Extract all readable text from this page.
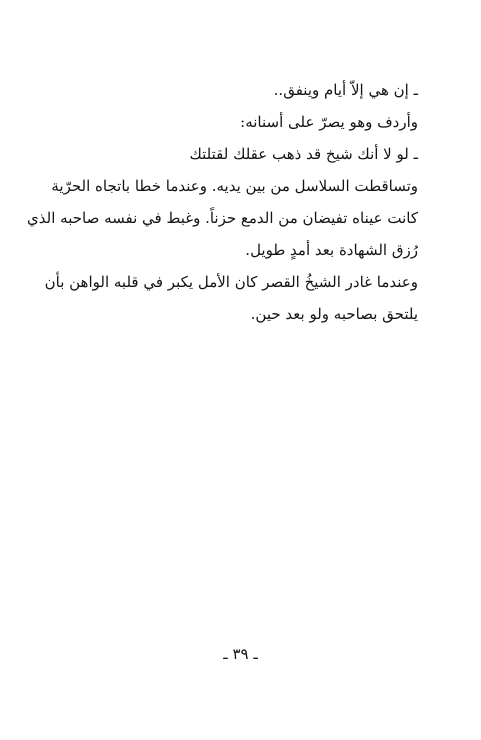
ـ إن هي إلاّ أيام وينفق..
وأردف وهو يصرّ على أسنانه:
ـ لو لا أنك شيخ قد ذهب عقلك لقتلتك
وتساقطت السلاسل من بين يديه. وعندما خطا باتجاه الحرّية
كانت عيناه تفيضان من الدمع حزناً. وغبط في نفسه صاحبه الذي
رُزق الشهادة بعد أمدٍ طويل.
وعندما غادر الشيخُ القصر كان الأمل يكبر في قلبه الواهن بأن
يلتحق بصاحبه ولو بعد حين.
ـ ٣٩ ـ
